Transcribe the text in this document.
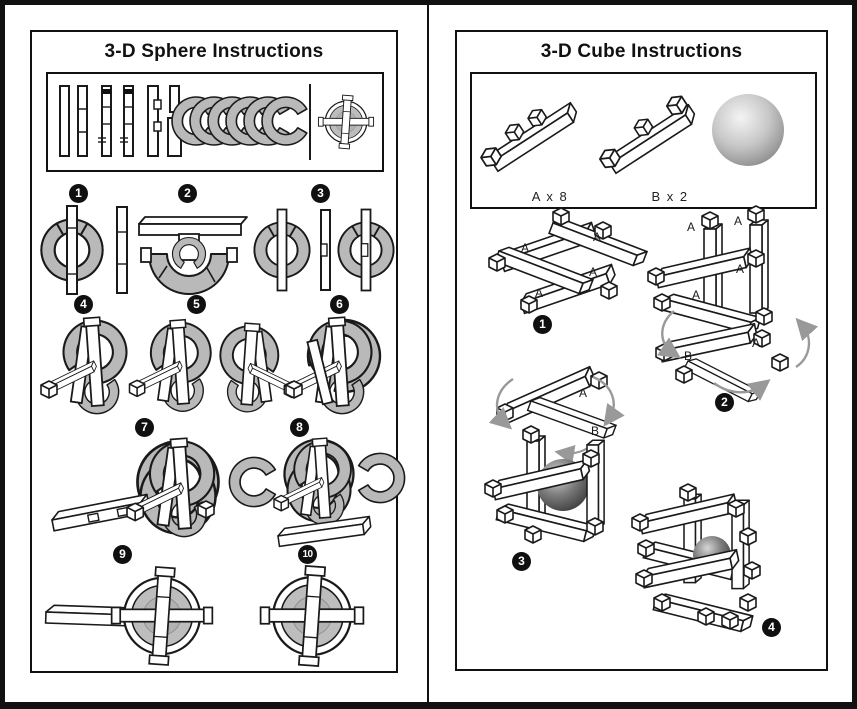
3-D Sphere Instructions
1	2	3
4	5	6
7	8
9	10
3-D Cube Instructions
A x 8	B x 2
1
2
3
4
A
A
A
A
A	A
A
A
A
B
A
B
